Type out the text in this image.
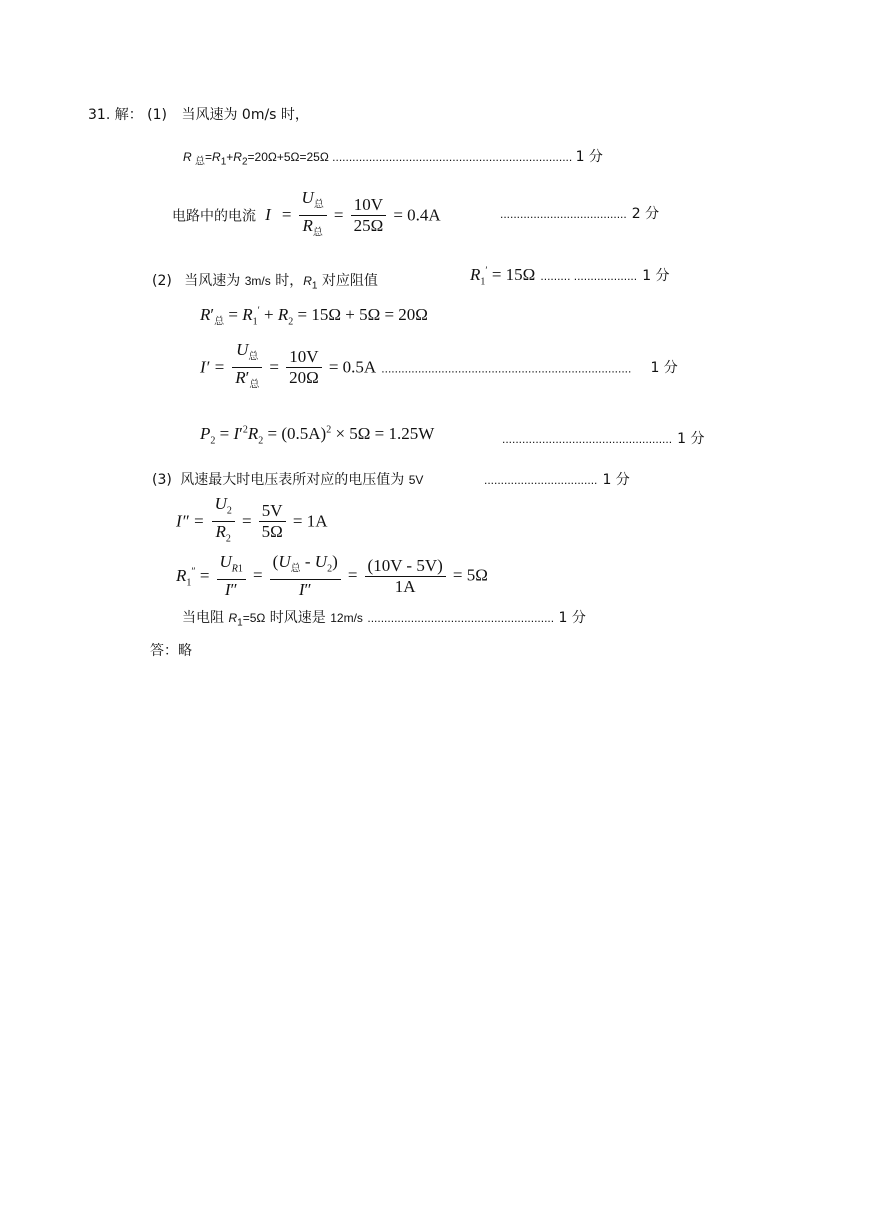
31. 解： (1) 当风速为 0m/s 时，
R $_总=R_1+R_2=20\Omega+5\Omega=25\Omega$ ........................................................................ 1 分
电路中的电流 $I = \frac{U_总}{R_总} = \frac{10V}{25\Omega} = 0.4A$	...................................... 2 分
(2) 当风速为 3m/s 时，$R_1$ 对应阻值	$R_1' = 15\Omega$ ......... ................... 1 分
$R'_总 = R_1' + R_2 = 15\Omega + 5\Omega = 20\Omega$
$I' = \frac{U_总}{R'_总} = \frac{10V}{20\Omega} = 0.5A$ ........................................................................... 1 分
$P_2 = I'^2R_2 = (0.5A)^2 \times 5\Omega = 1.25W$	................................................... 1 分
(3) 风速最大时电压表所对应的电压值为 5V	.................................. 1 分
$I'' = \frac{U_2}{R_2} = \frac{5V}{5\Omega} = 1A$
$R_1'' = \frac{U_{R1}}{I''} = \frac{(U_总 - U_2)}{I''} = \frac{(10V - 5V)}{1A} = 5\Omega$
当电阻 $R_1=5\Omega$ 时风速是 12m/s ........................................................ 1 分
答：略
